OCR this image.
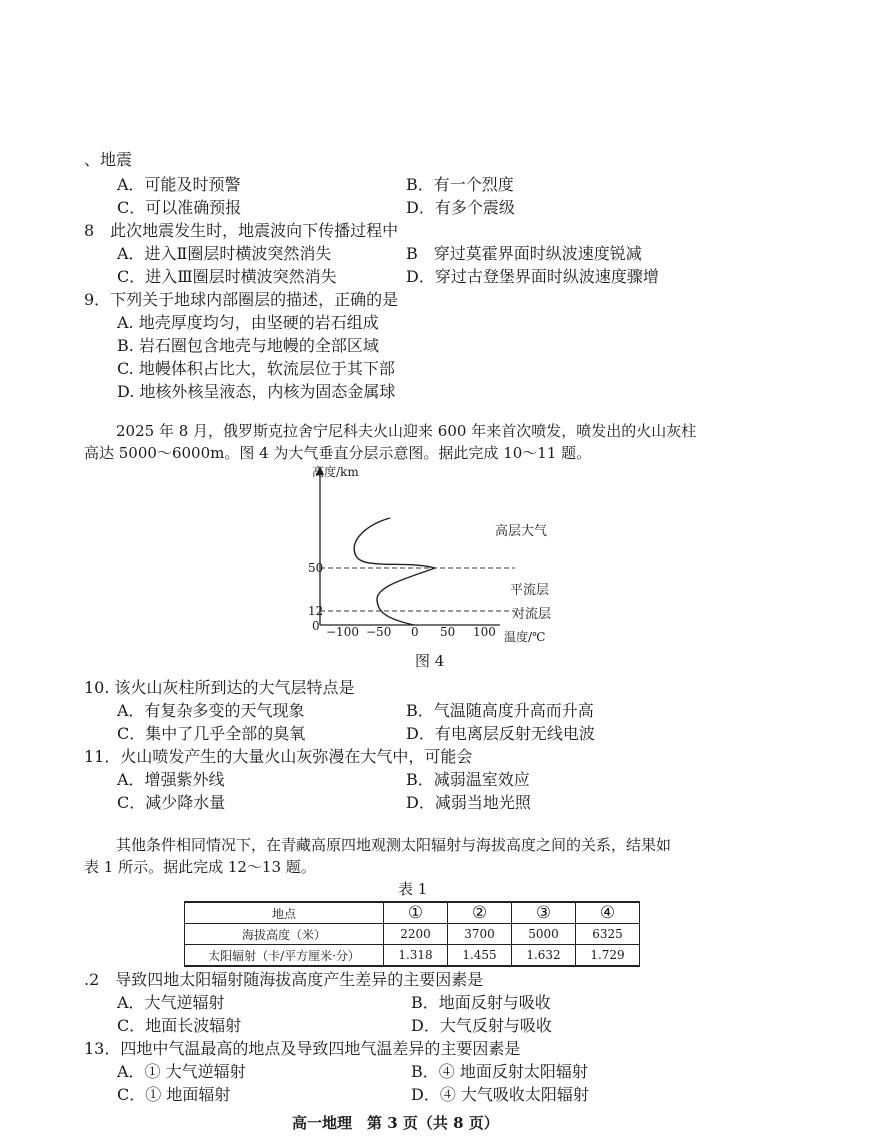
、地震
A．可能及时预警	B．有一个烈度
C．可以准确预报	D．有多个震级
8　此次地震发生时，地震波向下传播过程中
A．进入Ⅱ圈层时横波突然消失	B　穿过莫霍界面时纵波速度锐减
C．进入Ⅲ圈层时横波突然消失	D．穿过古登堡界面时纵波速度骤增
9．下列关于地球内部圈层的描述，正确的是
A. 地壳厚度均匀，由坚硬的岩石组成
B. 岩石圈包含地壳与地幔的全部区域
C. 地幔体积占比大，软流层位于其下部
D. 地核外核呈液态，内核为固态金属球
2025 年 8 月，俄罗斯克拉舍宁尼科夫火山迎来 600 年来首次喷发，喷发出的火山灰柱
高达 5000～6000m。图 4 为大气垂直分层示意图。据此完成 10～11 题。
高度/km
温度/℃
50
12
0 −100 −50 0 50 100
高层大气
平流层
对流层
图 4
10. 该火山灰柱所到达的大气层特点是
A．有复杂多变的天气现象	B．气温随高度升高而升高
C．集中了几乎全部的臭氧	D．有电离层反射无线电波
11．火山喷发产生的大量火山灰弥漫在大气中，可能会
A．增强紫外线	B．减弱温室效应
C．减少降水量	D．减弱当地光照
其他条件相同情况下，在青藏高原四地观测太阳辐射与海拔高度之间的关系，结果如
表 1 所示。据此完成 12～13 题。
表 1
地点	①	②	③	④
海拔高度（米）	2200	3700	5000	6325
太阳辐射（卡/平方厘米·分）	1.318	1.455	1.632	1.729
.2　导致四地太阳辐射随海拔高度产生差异的主要因素是
A．大气逆辐射	B．地面反射与吸收
C．地面长波辐射	D．大气反射与吸收
13．四地中气温最高的地点及导致四地气温差异的主要因素是
A．① 大气逆辐射	B．④ 地面反射太阳辐射
C．① 地面辐射	D．④ 大气吸收太阳辐射
高一地理　第 3 页（共 8 页）
